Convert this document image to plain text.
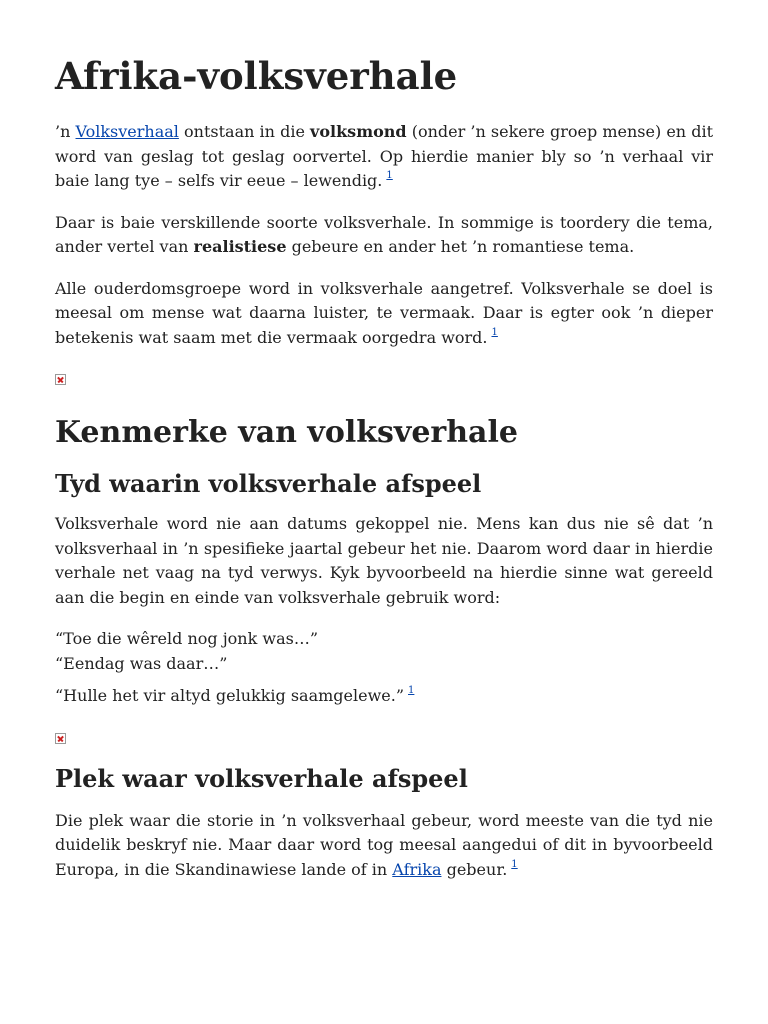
Afrika-volksverhale

’n Volksverhaal ontstaan in die volksmond (onder ’n sekere groep mense) en dit word van geslag tot geslag oorvertel. Op hierdie manier bly so ’n verhaal vir baie lang tye – selfs vir eeue – lewendig. $^1$

Daar is baie verskillende soorte volksverhale. In sommige is toordery die tema, ander vertel van realistiese gebeure en ander het ’n romantiese tema.

Alle ouderdomsgroepe word in volksverhale aangetref. Volksverhale se doel is meesal om mense wat daarna luister, te vermaak. Daar is egter ook ’n dieper betekenis wat saam met die vermaak oorgedra word. $^1$

Kenmerke van volksverhale
Tyd waarin volksverhale afspeel

Volksverhale word nie aan datums gekoppel nie. Mens kan dus nie sê dat ’n volksverhaal in ’n spesifieke jaartal gebeur het nie. Daarom word daar in hierdie verhale net vaag na tyd verwys. Kyk byvoorbeeld na hierdie sinne wat gereeld aan die begin en einde van volksverhale gebruik word:

“Toe die wêreld nog jonk was…”
“Eendag was daar…”

“Hulle het vir altyd gelukkig saamgelewe.” $^1$

Plek waar volksverhale afspeel

Die plek waar die storie in ’n volksverhaal gebeur, word meeste van die tyd nie duidelik beskryf nie. Maar daar word tog meesal aangedui of dit in byvoorbeeld Europa, in die Skandinawiese lande of in Afrika gebeur. $^1$
